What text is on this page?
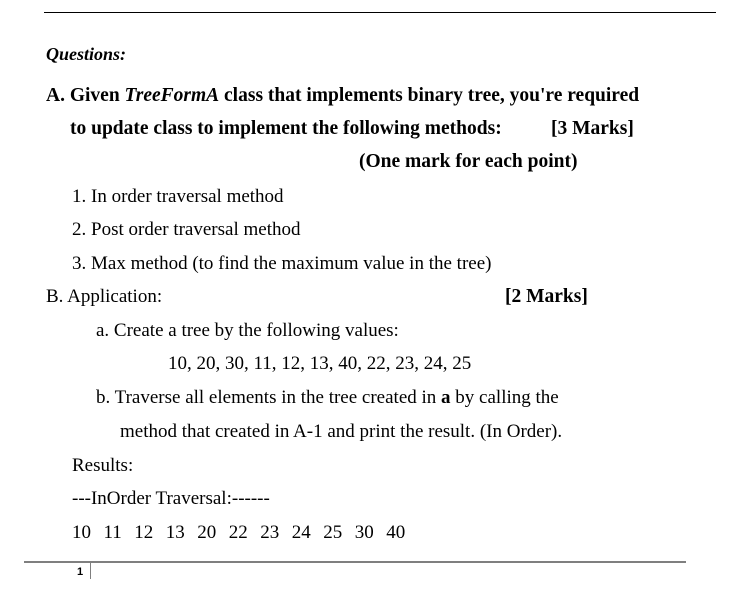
Questions:
A. Given TreeFormA class that implements binary tree, you're required
to update class to implement the following methods:	[3 Marks]
(One mark for each point)
1. In order traversal method
2. Post order traversal method
3. Max method (to find the maximum value in the tree)
B. Application:	[2 Marks]
a. Create a tree by the following values:
10, 20, 30, 11, 12, 13, 40, 22, 23, 24, 25
b. Traverse all elements in the tree created in a by calling the
method that created in A-1 and print the result. (In Order).
Results:
---InOrder Traversal:------
10 11 12 13 20 22 23 24 25 30 40
1
